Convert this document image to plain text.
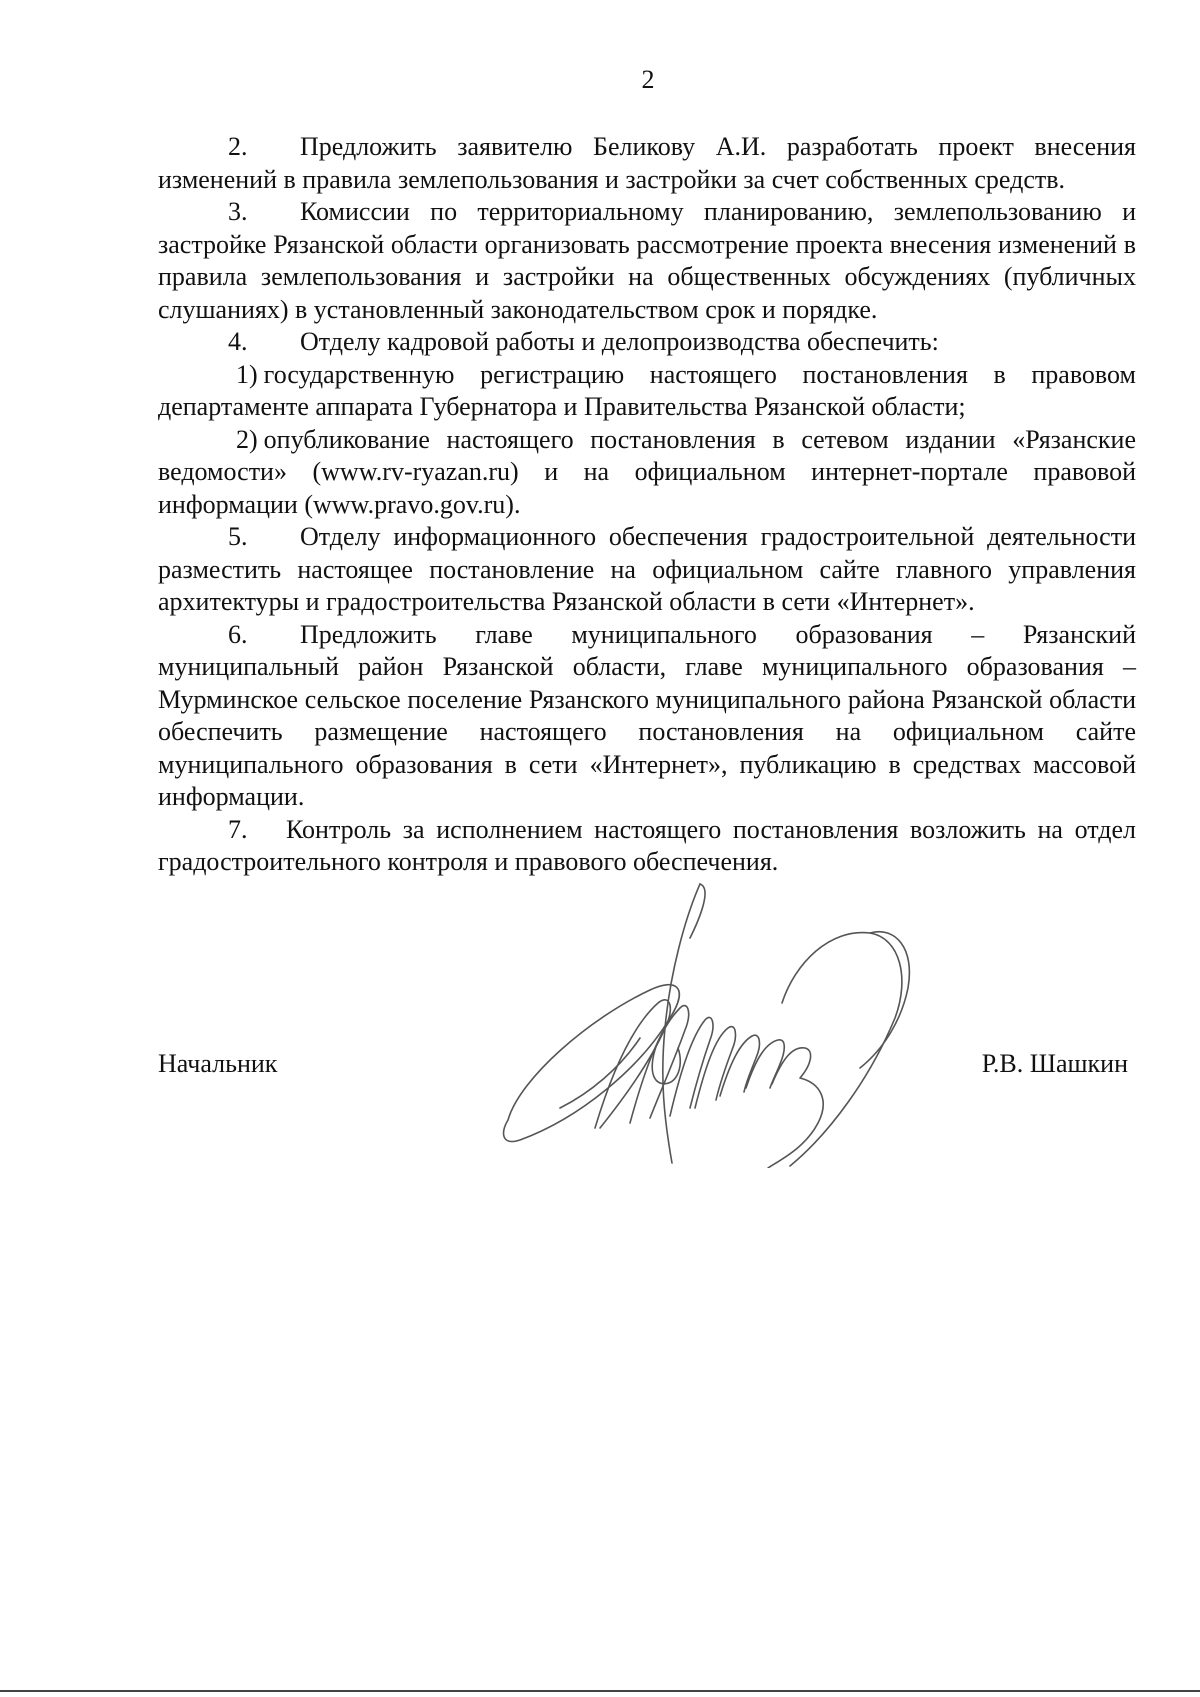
2

2. Предложить заявителю Беликову А.И. разработать проект внесения изменений в правила землепользования и застройки за счет собственных средств.

3. Комиссии по территориальному планированию, землепользованию и застройке Рязанской области организовать рассмотрение проекта внесения изменений в правила землепользования и застройки на общественных обсуждениях (публичных слушаниях) в установленный законодательством срок и порядке.

4. Отделу кадровой работы и делопроизводства обеспечить:

1) государственную регистрацию настоящего постановления в правовом департаменте аппарата Губернатора и Правительства Рязанской области;

2) опубликование настоящего постановления в сетевом издании «Рязанские ведомости» (www.rv-ryazan.ru) и на официальном интернет-портале правовой информации (www.pravo.gov.ru).

5. Отделу информационного обеспечения градостроительной деятельности разместить настоящее постановление на официальном сайте главного управления архитектуры и градостроительства Рязанской области в сети «Интернет».

6. Предложить главе муниципального образования – Рязанский муниципальный район Рязанской области, главе муниципального образования – Мурминское сельское поселение Рязанского муниципального района Рязанской области обеспечить размещение настоящего постановления на официальном сайте муниципального образования в сети «Интернет», публикацию в средствах массовой информации.

7. Контроль за исполнением настоящего постановления возложить на отдел градостроительного контроля и правового обеспечения.

Начальник	Р.В. Шашкин
